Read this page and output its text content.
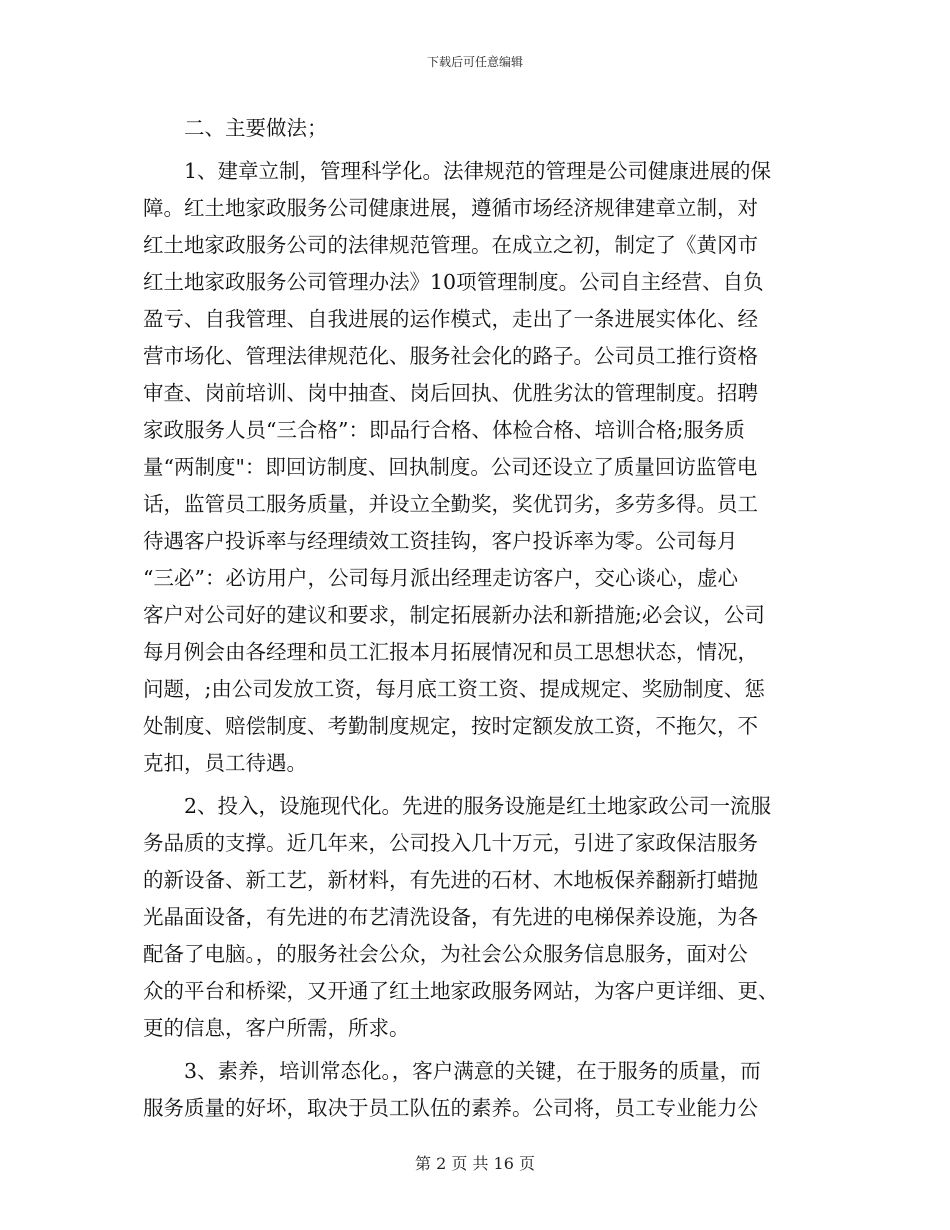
下载后可任意编辑
　　二、主要做法；
　　1、建章立制，管理科学化。法律规范的管理是公司健康进展的保
障。红土地家政服务公司健康进展，遵循市场经济规律建章立制，对
红土地家政服务公司的法律规范管理。在成立之初，制定了《黄冈市
红土地家政服务公司管理办法》10项管理制度。公司自主经营、自负
盈亏、自我管理、自我进展的运作模式，走出了一条进展实体化、经
营市场化、管理法律规范化、服务社会化的路子。公司员工推行资格
审查、岗前培训、岗中抽查、岗后回执、优胜劣汰的管理制度。招聘
家政服务人员“三合格”：即品行合格、体检合格、培训合格;服务质
量“两制度"：即回访制度、回执制度。公司还设立了质量回访监管电
话，监管员工服务质量，并设立全勤奖，奖优罚劣，多劳多得。员工
待遇客户投诉率与经理绩效工资挂钩，客户投诉率为零。公司每月
“三必”：必访用户，公司每月派出经理走访客户，交心谈心，虚心
客户对公司好的建议和要求，制定拓展新办法和新措施;必会议，公司
每月例会由各经理和员工汇报本月拓展情况和员工思想状态，情况，
问题，;由公司发放工资，每月底工资工资、提成规定、奖励制度、惩
处制度、赔偿制度、考勤制度规定，按时定额发放工资，不拖欠，不
克扣，员工待遇。
　　2、投入，设施现代化。先进的服务设施是红土地家政公司一流服
务品质的支撑。近几年来，公司投入几十万元，引进了家政保洁服务
的新设备、新工艺，新材料，有先进的石材、木地板保养翻新打蜡抛
光晶面设备，有先进的布艺清洗设备，有先进的电梯保养设施，为各
配备了电脑。，的服务社会公众，为社会公众服务信息服务，面对公
众的平台和桥梁，又开通了红土地家政服务网站，为客户更详细、更、
更的信息，客户所需，所求。
　　3、素养，培训常态化。，客户满意的关键，在于服务的质量，而
服务质量的好坏，取决于员工队伍的素养。公司将，员工专业能力公
第 2 页 共 16 页
